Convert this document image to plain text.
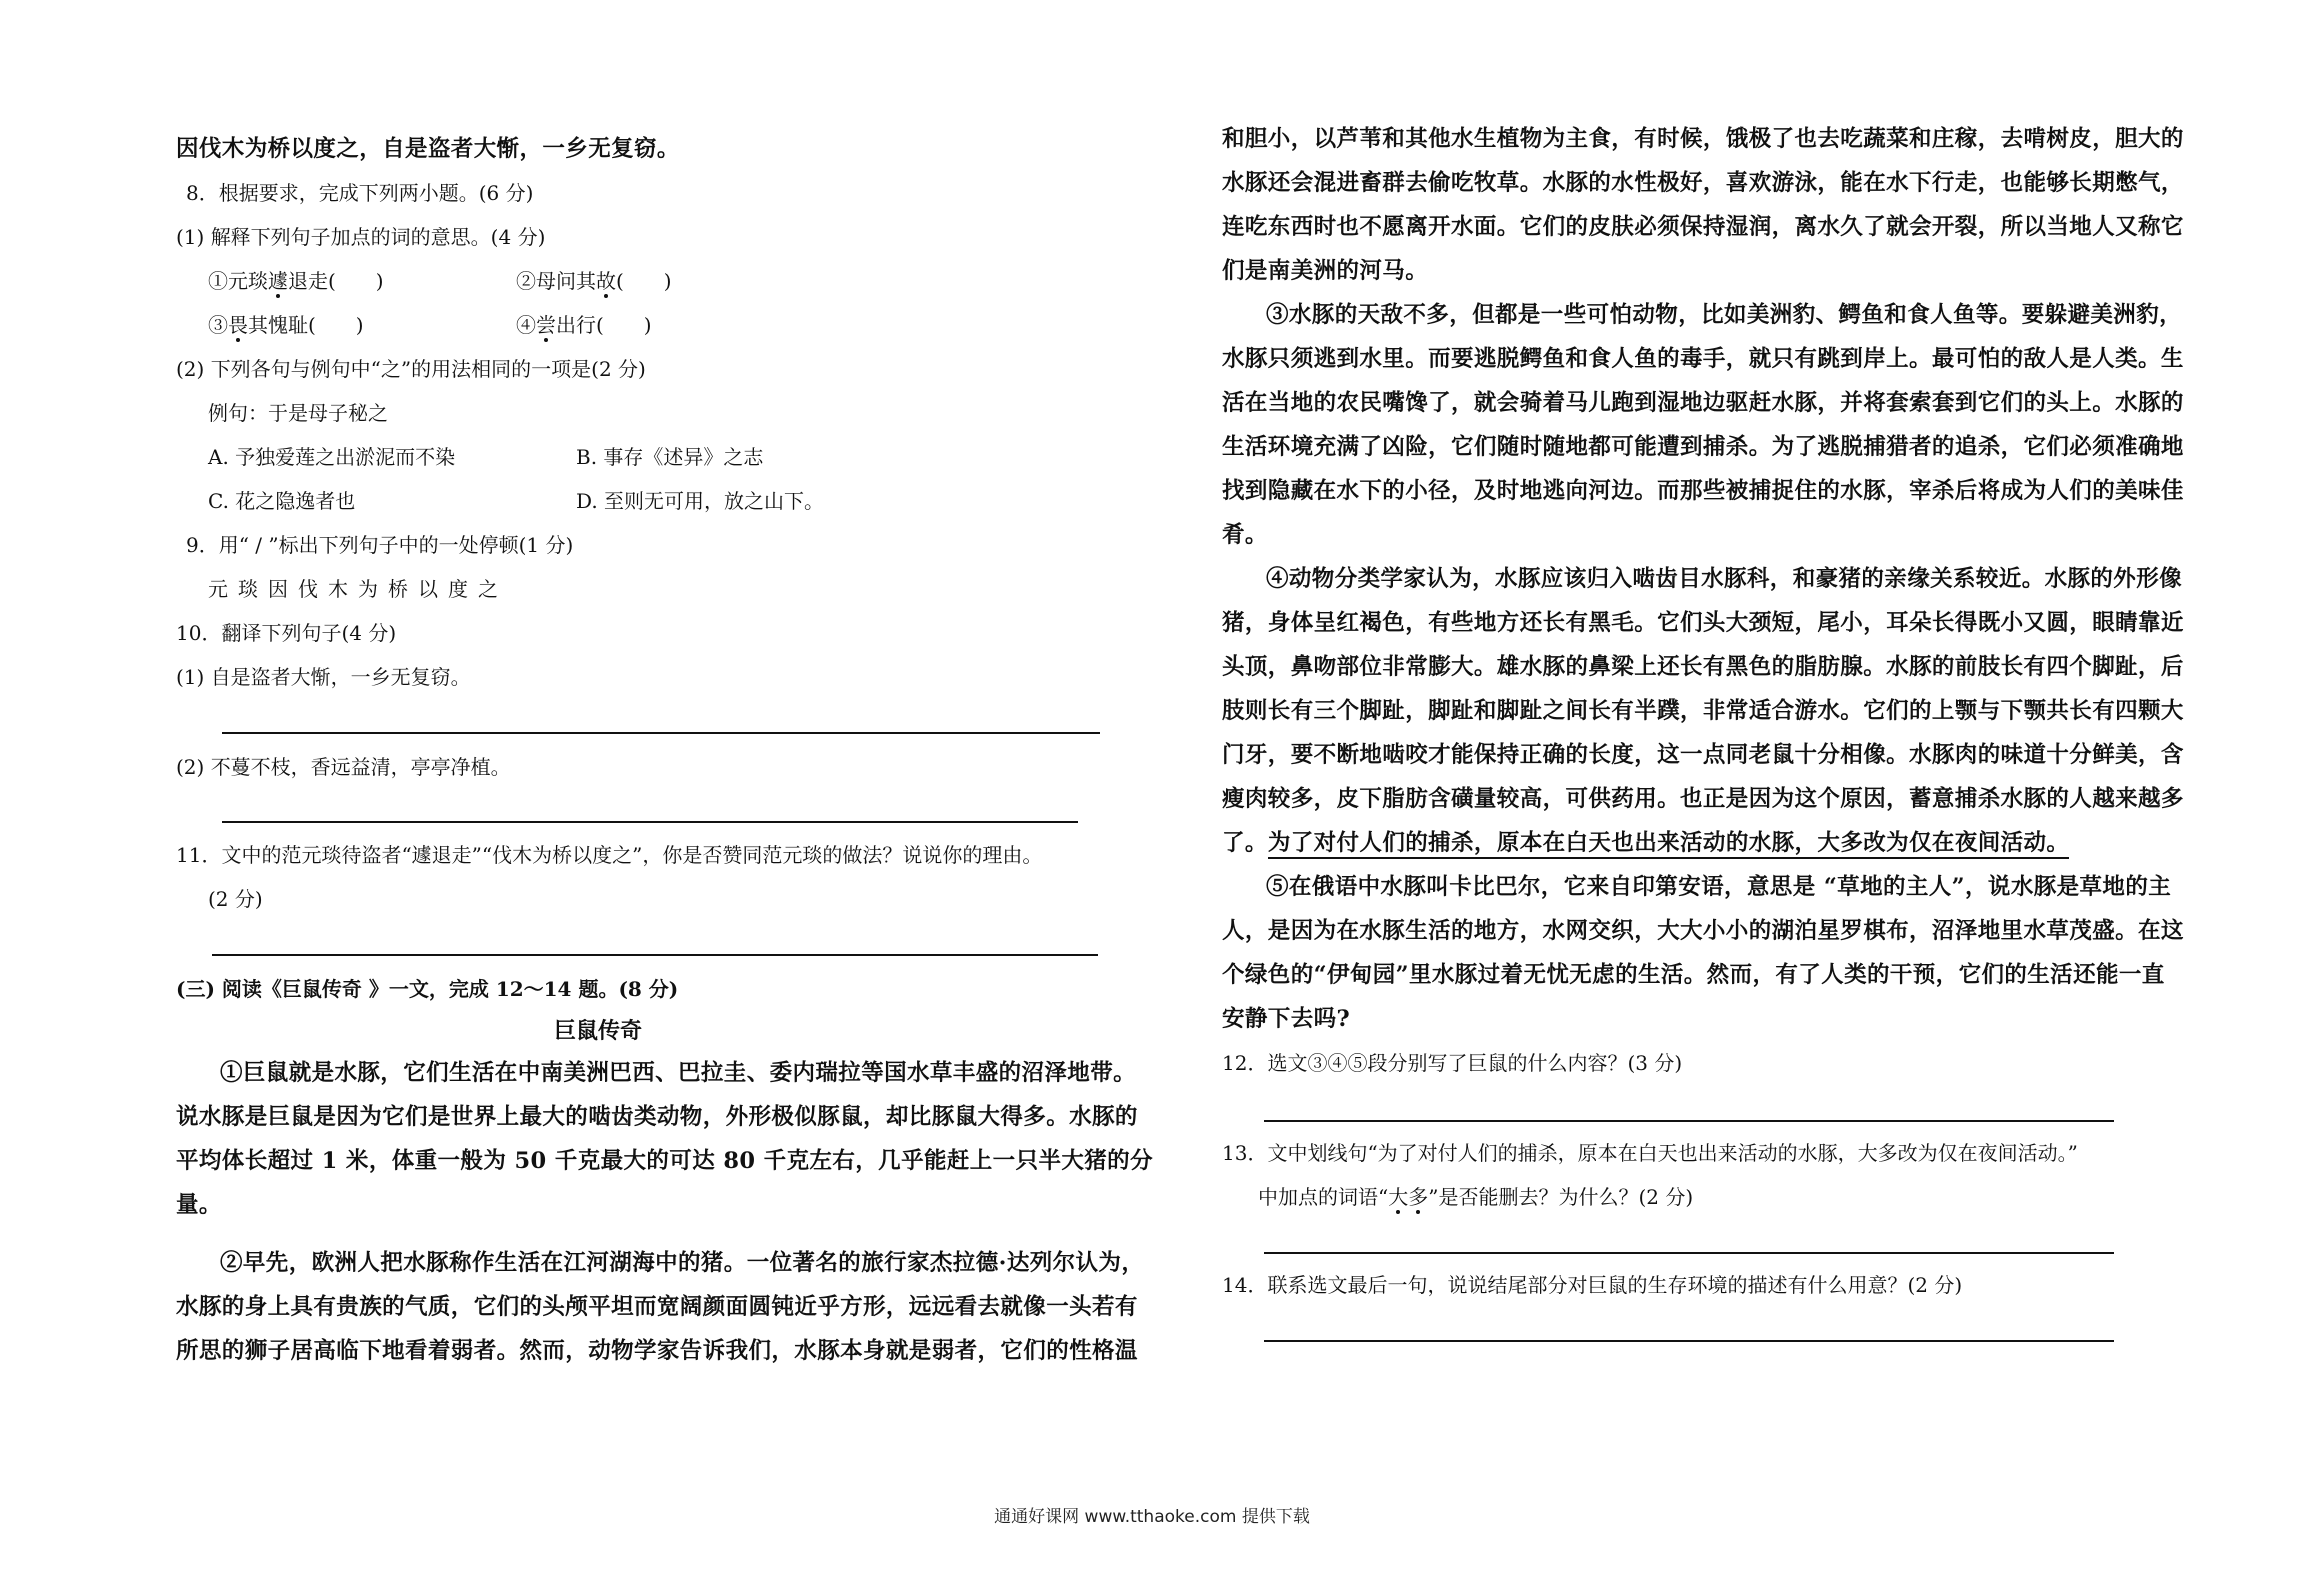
因伐木为桥以度之，自是盗者大惭，一乡无复窃。
8．根据要求，完成下列两小题。(6 分)
(1) 解释下列句子加点的词的意思。(4 分)
①元琰遽退走(　　)	②母问其故(　　)
③畏其愧耻(　　)	④尝出行(　　)
(2) 下列各句与例句中“之”的用法相同的一项是(2 分)
例句：于是母子秘之
A. 予独爱莲之出淤泥而不染	B. 事存《述异》之志
C. 花之隐逸者也	D. 至则无可用，放之山下。
9．用“ / ”标出下列句子中的一处停顿(1 分)
元琰因伐木为桥以度之
10．翻译下列句子(4 分)
(1) 自是盗者大惭，一乡无复窃。
(2) 不蔓不枝，香远益清，亭亭净植。
11．文中的范元琰待盗者“遽退走”“伐木为桥以度之”，你是否赞同范元琰的做法？说说你的理由。
(2 分)
(三) 阅读《巨鼠传奇 》一文，完成 12～14 题。(8 分)
巨鼠传奇
①巨鼠就是水豚，它们生活在中南美洲巴西、巴拉圭、委内瑞拉等国水草丰盛的沼泽地带。
说水豚是巨鼠是因为它们是世界上最大的啮齿类动物，外形极似豚鼠，却比豚鼠大得多。水豚的
平均体长超过 1 米，体重一般为 50 千克最大的可达 80 千克左右，几乎能赶上一只半大猪的分
量。
②早先，欧洲人把水豚称作生活在江河湖海中的猪。一位著名的旅行家杰拉德·达列尔认为，
水豚的身上具有贵族的气质，它们的头颅平坦而宽阔颜面圆钝近乎方形，远远看去就像一头若有
所思的狮子居高临下地看着弱者。然而，动物学家告诉我们，水豚本身就是弱者，它们的性格温
和胆小，以芦苇和其他水生植物为主食，有时候，饿极了也去吃蔬菜和庄稼，去啃树皮，胆大的
水豚还会混进畜群去偷吃牧草。水豚的水性极好，喜欢游泳，能在水下行走，也能够长期憋气，
连吃东西时也不愿离开水面。它们的皮肤必须保持湿润，离水久了就会开裂，所以当地人又称它
们是南美洲的河马。
③水豚的天敌不多，但都是一些可怕动物，比如美洲豹、鳄鱼和食人鱼等。要躲避美洲豹，
水豚只须逃到水里。而要逃脱鳄鱼和食人鱼的毒手，就只有跳到岸上。最可怕的敌人是人类。生
活在当地的农民嘴馋了，就会骑着马儿跑到湿地边驱赶水豚，并将套索套到它们的头上。水豚的
生活环境充满了凶险，它们随时随地都可能遭到捕杀。为了逃脱捕猎者的追杀，它们必须准确地
找到隐藏在水下的小径，及时地逃向河边。而那些被捕捉住的水豚，宰杀后将成为人们的美味佳
肴。
④动物分类学家认为，水豚应该归入啮齿目水豚科，和豪猪的亲缘关系较近。水豚的外形像
猪，身体呈红褐色，有些地方还长有黑毛。它们头大颈短，尾小，耳朵长得既小又圆，眼睛靠近
头顶，鼻吻部位非常膨大。雄水豚的鼻梁上还长有黑色的脂肪腺。水豚的前肢长有四个脚趾，后
肢则长有三个脚趾，脚趾和脚趾之间长有半蹼，非常适合游水。它们的上颚与下颚共长有四颗大
门牙，要不断地啮咬才能保持正确的长度，这一点同老鼠十分相像。水豚肉的味道十分鲜美，含
瘦肉较多，皮下脂肪含磺量较高，可供药用。也正是因为这个原因，蓄意捕杀水豚的人越来越多
了。为了对付人们的捕杀，原本在白天也出来活动的水豚，大多改为仅在夜间活动。
⑤在俄语中水豚叫卡比巴尔，它来自印第安语，意思是 “草地的主人”，说水豚是草地的主
人，是因为在水豚生活的地方，水网交织，大大小小的湖泊星罗棋布，沼泽地里水草茂盛。在这
个绿色的“伊甸园”里水豚过着无忧无虑的生活。然而，有了人类的干预，它们的生活还能一直
安静下去吗?
12．选文③④⑤段分别写了巨鼠的什么内容？(3 分)
13．文中划线句“为了对付人们的捕杀，原本在白天也出来活动的水豚，大多改为仅在夜间活动。”
中加点的词语“大多”是否能删去？为什么？(2 分)
14．联系选文最后一句，说说结尾部分对巨鼠的生存环境的描述有什么用意？(2 分)
通通好课网 www.tthaoke.com 提供下载
